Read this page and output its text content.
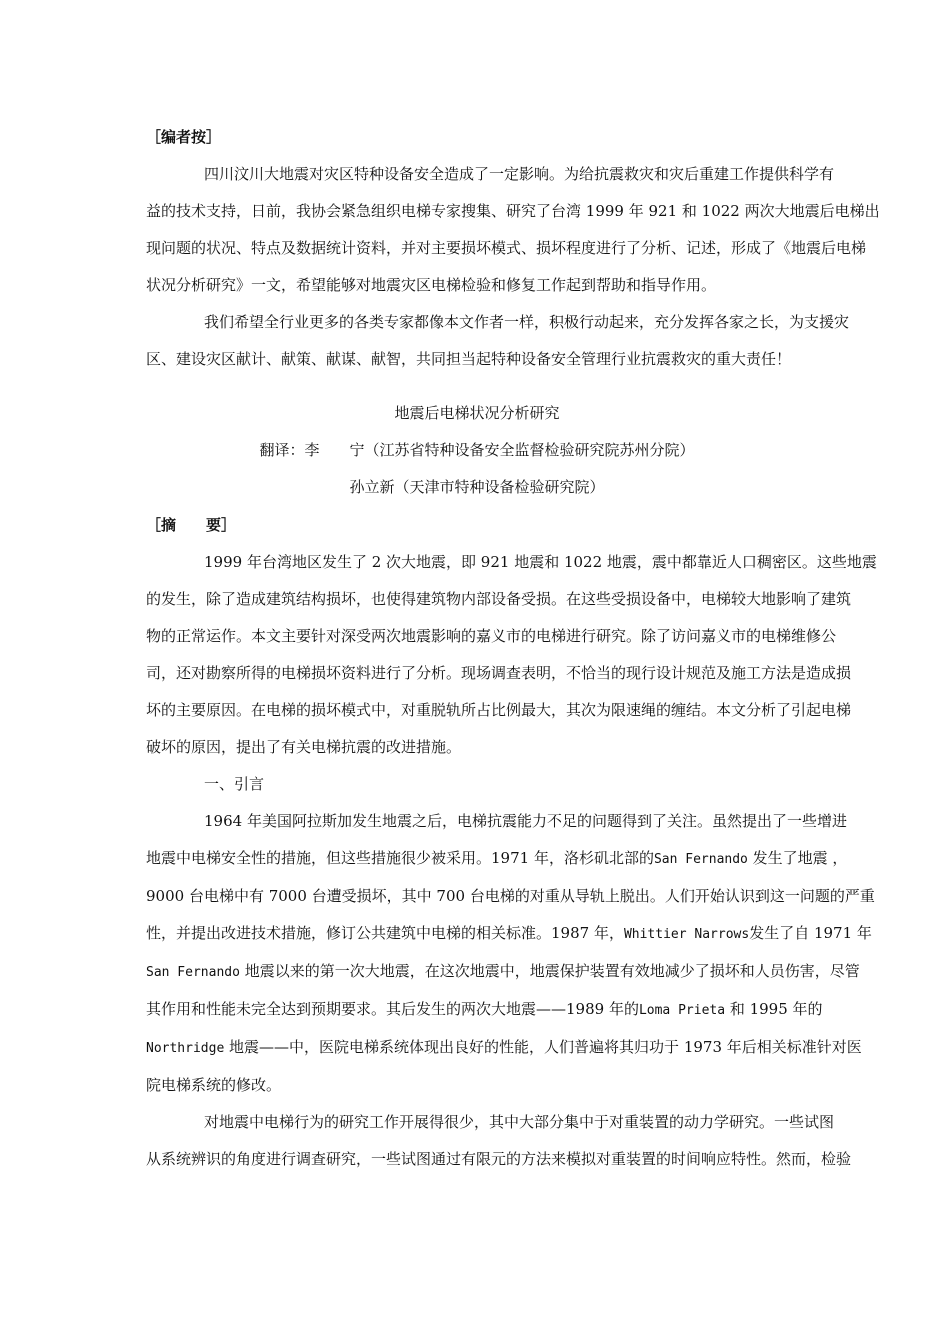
［编者按］
四川汶川大地震对灾区特种设备安全造成了一定影响。为给抗震救灾和灾后重建工作提供科学有
益的技术支持，日前，我协会紧急组织电梯专家搜集、研究了台湾 1999 年 921 和 1022 两次大地震后电梯出
现问题的状况、特点及数据统计资料，并对主要损坏模式、损坏程度进行了分析、记述，形成了《地震后电梯
状况分析研究》一文，希望能够对地震灾区电梯检验和修复工作起到帮助和指导作用。
我们希望全行业更多的各类专家都像本文作者一样，积极行动起来，充分发挥各家之长，为支援灾
区、建设灾区献计、献策、献谋、献智，共同担当起特种设备安全管理行业抗震救灾的重大责任！
地震后电梯状况分析研究
翻译：李　　宁（江苏省特种设备安全监督检验研究院苏州分院）
孙立新（天津市特种设备检验研究院）
［摘　　要］
1999 年台湾地区发生了 2 次大地震，即 921 地震和 1022 地震，震中都靠近人口稠密区。这些地震
的发生，除了造成建筑结构损坏，也使得建筑物内部设备受损。在这些受损设备中，电梯较大地影响了建筑
物的正常运作。本文主要针对深受两次地震影响的嘉义市的电梯进行研究。除了访问嘉义市的电梯维修公
司，还对勘察所得的电梯损坏资料进行了分析。现场调查表明，不恰当的现行设计规范及施工方法是造成损
坏的主要原因。在电梯的损坏模式中，对重脱轨所占比例最大，其次为限速绳的缠结。本文分析了引起电梯
破坏的原因，提出了有关电梯抗震的改进措施。
一、引言
1964 年美国阿拉斯加发生地震之后，电梯抗震能力不足的问题得到了关注。虽然提出了一些增进
地震中电梯安全性的措施，但这些措施很少被采用。1971 年，洛杉矶北部的San Fernando 发生了地震 ，
9000 台电梯中有 7000 台遭受损坏，其中 700 台电梯的对重从导轨上脱出。人们开始认识到这一问题的严重
性，并提出改进技术措施，修订公共建筑中电梯的相关标准。1987 年，Whittier Narrows发生了自 1971 年
San Fernando 地震以来的第一次大地震，在这次地震中，地震保护装置有效地减少了损坏和人员伤害，尽管
其作用和性能未完全达到预期要求。其后发生的两次大地震——1989 年的Loma Prieta 和 1995 年的
Northridge 地震——中，医院电梯系统体现出良好的性能，人们普遍将其归功于 1973 年后相关标准针对医
院电梯系统的修改。
对地震中电梯行为的研究工作开展得很少，其中大部分集中于对重装置的动力学研究。一些试图
从系统辨识的角度进行调查研究，一些试图通过有限元的方法来模拟对重装置的时间响应特性。然而，检验
